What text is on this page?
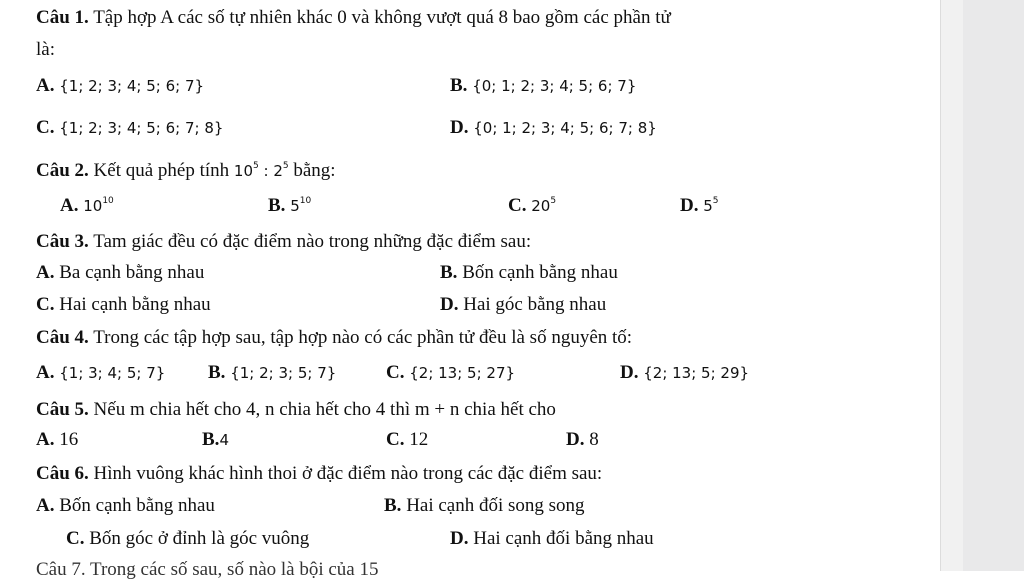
Câu 1. Tập hợp A các số tự nhiên khác 0 và không vượt quá 8 bao gồm các phần tử
là:
A. {1; 2; 3; 4; 5; 6; 7}	B. {0; 1; 2; 3; 4; 5; 6; 7}
C. {1; 2; 3; 4; 5; 6; 7; 8}	D. {0; 1; 2; 3; 4; 5; 6; 7; 8}
Câu 2. Kết quả phép tính $10^5$ : $2^5$ bằng:
A. $10^{10}$	B. $5^{10}$	C. $20^5$	D. $5^5$
Câu 3. Tam giác đều có đặc điểm nào trong những đặc điểm sau:
A. Ba cạnh bằng nhau	B. Bốn cạnh bằng nhau
C. Hai cạnh bằng nhau	D. Hai góc bằng nhau
Câu 4. Trong các tập hợp sau, tập hợp nào có các phần tử đều là số nguyên tố:
A. {1; 3; 4; 5; 7} B. {1; 2; 3; 5; 7}	C. {2; 13; 5; 27}	D. {2; 13; 5; 29}
Câu 5. Nếu m chia hết cho 4, n chia hết cho 4 thì m + n chia hết cho
A. 16	B.4	C. 12	D. 8
Câu 6. Hình vuông khác hình thoi ở đặc điểm nào trong các đặc điểm sau:
A. Bốn cạnh bằng nhau	B. Hai cạnh đối song song
C. Bốn góc ở đỉnh là góc vuông	D. Hai cạnh đối bằng nhau
Câu 7. Trong các số sau, số nào là bội của 15
